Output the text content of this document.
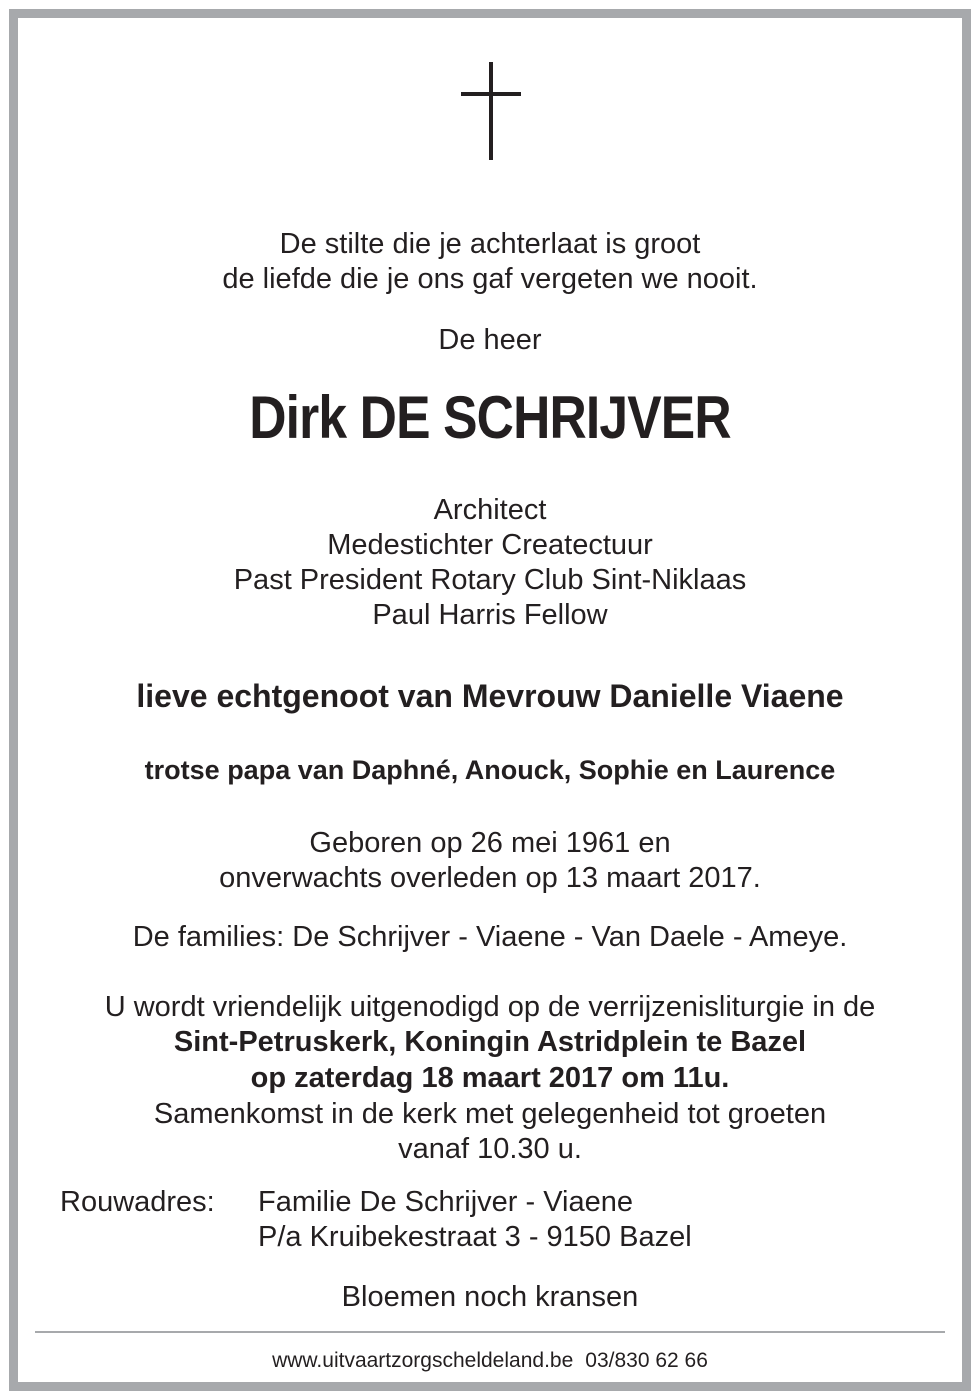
De stilte die je achterlaat is groot
de liefde die je ons gaf vergeten we nooit.
De heer
Dirk DE SCHRIJVER
Architect
Medestichter Createctuur
Past President Rotary Club Sint-Niklaas
Paul Harris Fellow
lieve echtgenoot van Mevrouw Danielle Viaene
trotse papa van Daphné, Anouck, Sophie en Laurence
Geboren op 26 mei 1961 en
onverwachts overleden op 13 maart 2017.
De families: De Schrijver - Viaene - Van Daele - Ameye.
U wordt vriendelijk uitgenodigd op de verrijzenisliturgie in de
Sint-Petruskerk, Koningin Astridplein te Bazel
op zaterdag 18 maart 2017 om 11u.
Samenkomst in de kerk met gelegenheid tot groeten
vanaf 10.30 u.
Rouwadres: Familie De Schrijver - Viaene
P/a Kruibekestraat 3 - 9150 Bazel
Bloemen noch kransen
www.uitvaartzorgscheldeland.be 03/830 62 66
